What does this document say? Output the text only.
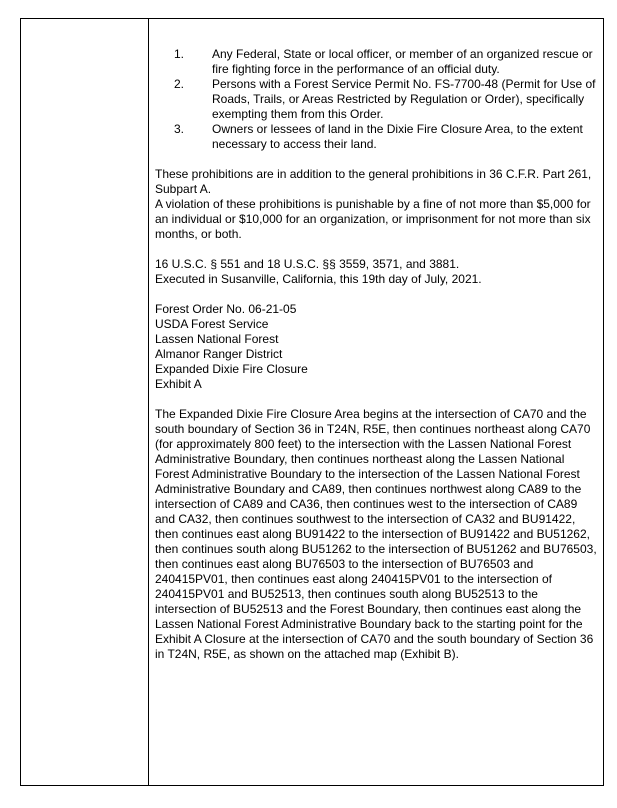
1. Any Federal, State or local officer, or member of an organized rescue or fire fighting force in the performance of an official duty.
2. Persons with a Forest Service Permit No. FS-7700-48 (Permit for Use of Roads, Trails, or Areas Restricted by Regulation or Order), specifically exempting them from this Order.
3. Owners or lessees of land in the Dixie Fire Closure Area, to the extent necessary to access their land.

These prohibitions are in addition to the general prohibitions in 36 C.F.R. Part 261, Subpart A.

A violation of these prohibitions is punishable by a fine of not more than $5,000 for an individual or $10,000 for an organization, or imprisonment for not more than six months, or both.

16 U.S.C. § 551 and 18 U.S.C. §§ 3559, 3571, and 3881.

Executed in Susanville, California, this 19th day of July, 2021.

Forest Order No. 06-21-05

USDA Forest Service

Lassen National Forest

Almanor Ranger District

Expanded Dixie Fire Closure

Exhibit A

The Expanded Dixie Fire Closure Area begins at the intersection of CA70 and the south boundary of Section 36 in T24N, R5E, then continues northeast along CA70 (for approximately 800 feet) to the intersection with the Lassen National Forest Administrative Boundary, then continues northeast along the Lassen National Forest Administrative Boundary to the intersection of the Lassen National Forest Administrative Boundary and CA89, then continues northwest along CA89 to the intersection of CA89 and CA36, then continues west to the intersection of CA89 and CA32, then continues southwest to the intersection of CA32 and BU91422, then continues east along BU91422 to the intersection of BU91422 and BU51262, then continues south along BU51262 to the intersection of BU51262 and BU76503, then continues east along BU76503 to the intersection of BU76503 and 240415PV01, then continues east along 240415PV01 to the intersection of 240415PV01 and BU52513, then continues south along BU52513 to the intersection of BU52513 and the Forest Boundary, then continues east along the Lassen National Forest Administrative Boundary back to the starting point for the Exhibit A Closure at the intersection of CA70 and the south boundary of Section 36 in T24N, R5E, as shown on the attached map (Exhibit B).
